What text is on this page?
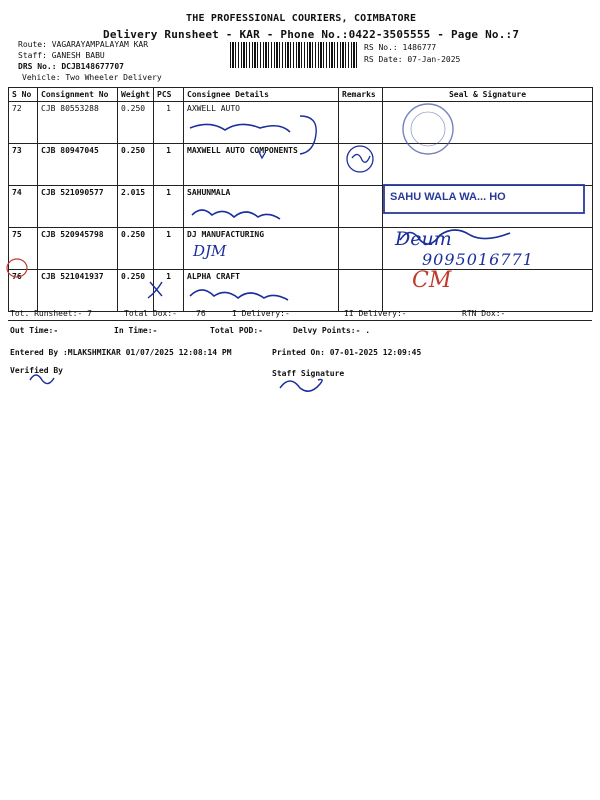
THE PROFESSIONAL COURIERS, COIMBATORE
Delivery Runsheet - KAR - Phone No.:0422-3505555 - Page No.:7
Route: VAGARAYAMPALAYAM KAR
Staff: GANESH BABU
DRS No.: DCJB148677707
Vehicle: Two Wheeler Delivery
RS No.: 1486777
RS Date: 07-Jan-2025
S No	Consignment No	Weight	PCS	Consignee Details	Remarks	Seal & Signature
72	CJB 80553288	0.250	1	AXWELL AUTO		
73	CJB 80947045	0.250	1	MAXWELL AUTO COMPONENTS		
74	CJB 521090577	2.015	1	SAHUNMALA		
75	CJB 520945798	0.250	1	DJ MANUFACTURING		
76	CJB 521041937	0.250	1	ALPHA CRAFT		
SAHU WALA WA... HO
DJM
Deum
9095016771
CM
Tot. Runsheet:- 7	Total Dox:- 76	I Delivery:-	II Delivery:-	RTN Dox:-
Out Time:-	In Time:-	Total POD:-	Delvy Points:- .
Entered By :MLAKSHMIKAR 01/07/2025 12:08:14 PM	Printed On: 07-01-2025 12:09:45
Verified By	Staff Signature
